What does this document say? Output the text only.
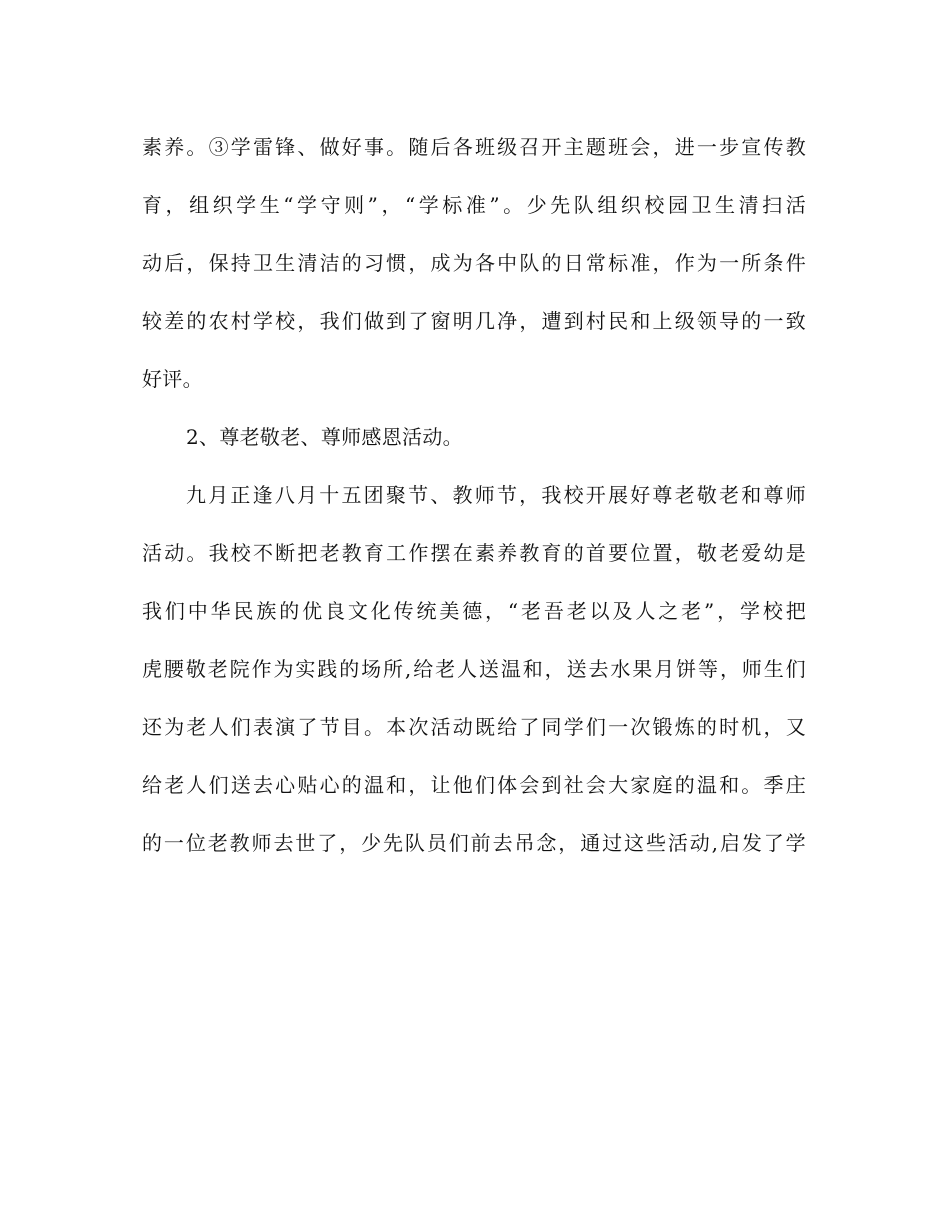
素养。③学雷锋、做好事。随后各班级召开主题班会，进一步宣传教
育，组织学生“学守则”，“学标准”。少先队组织校园卫生清扫活
动后，保持卫生清洁的习惯，成为各中队的日常标准，作为一所条件
较差的农村学校，我们做到了窗明几净，遭到村民和上级领导的一致
好评。
2、尊老敬老、尊师感恩活动。
九月正逢八月十五团聚节、教师节，我校开展好尊老敬老和尊师
活动。我校不断把老教育工作摆在素养教育的首要位置，敬老爱幼是
我们中华民族的优良文化传统美德，“老吾老以及人之老”，学校把
虎腰敬老院作为实践的场所,给老人送温和，送去水果月饼等，师生们
还为老人们表演了节目。本次活动既给了同学们一次锻炼的时机，又
给老人们送去心贴心的温和，让他们体会到社会大家庭的温和。季庄
的一位老教师去世了，少先队员们前去吊念，通过这些活动,启发了学
